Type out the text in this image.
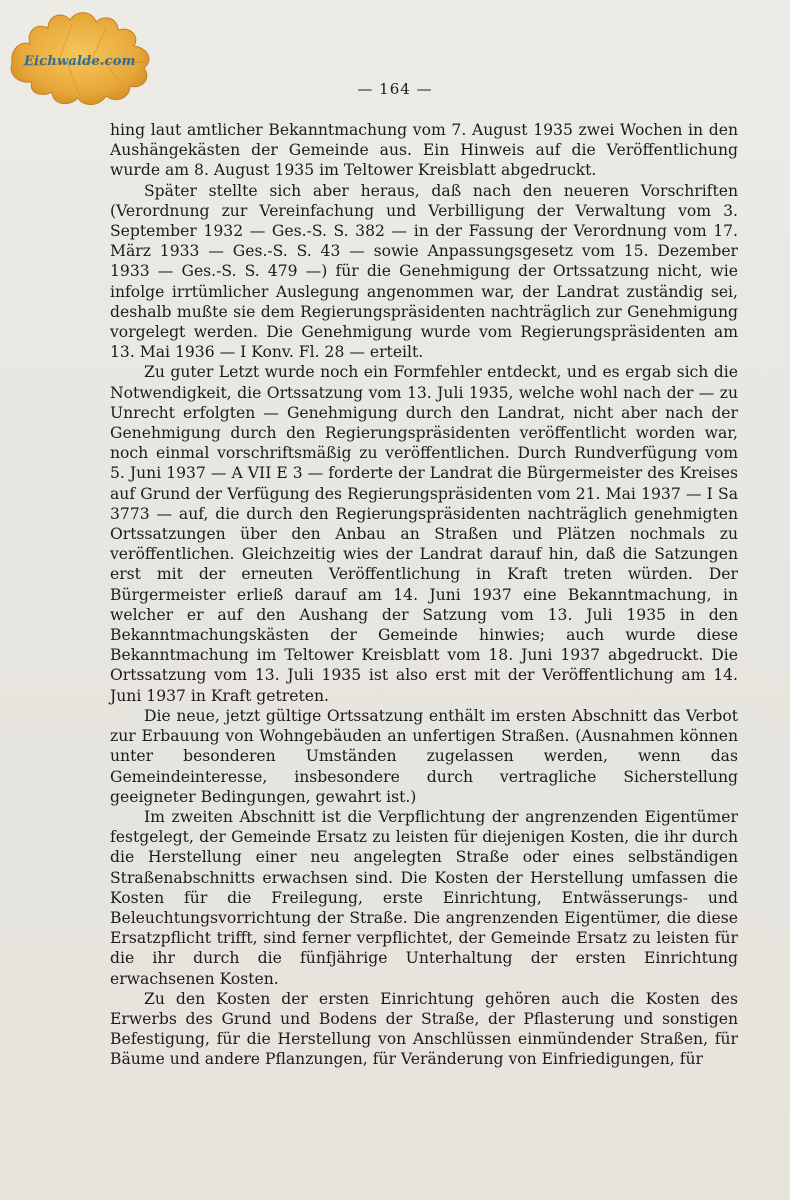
Eichwalde.com
— 164 —

hing laut amtlicher Bekanntmachung vom 7. August 1935 zwei Wochen in den Aushängekästen der Gemeinde aus. Ein Hinweis auf die Veröffentlichung wurde am 8. August 1935 im Teltower Kreisblatt abgedruckt.

Später stellte sich aber heraus, daß nach den neueren Vorschriften (Verordnung zur Vereinfachung und Verbilligung der Verwaltung vom 3. September 1932 — Ges.-S. S. 382 — in der Fassung der Verordnung vom 17. März 1933 — Ges.-S. S. 43 — sowie Anpassungsgesetz vom 15. Dezember 1933 — Ges.-S. S. 479 —) für die Genehmigung der Ortssatzung nicht, wie infolge irrtümlicher Auslegung angenommen war, der Landrat zuständig sei, deshalb mußte sie dem Regierungspräsidenten nachträglich zur Genehmigung vorgelegt werden. Die Genehmigung wurde vom Regierungspräsidenten am 13. Mai 1936 — I Konv. Fl. 28 — erteilt.

Zu guter Letzt wurde noch ein Formfehler entdeckt, und es ergab sich die Notwendigkeit, die Ortssatzung vom 13. Juli 1935, welche wohl nach der — zu Unrecht erfolgten — Genehmigung durch den Landrat, nicht aber nach der Genehmigung durch den Regierungspräsidenten veröffentlicht worden war, noch einmal vorschriftsmäßig zu veröffentlichen. Durch Rundverfügung vom 5. Juni 1937 — A VII E 3 — forderte der Landrat die Bürgermeister des Kreises auf Grund der Verfügung des Regierungspräsidenten vom 21. Mai 1937 — I Sa 3773 — auf, die durch den Regierungspräsidenten nachträglich genehmigten Ortssatzungen über den Anbau an Straßen und Plätzen nochmals zu veröffentlichen. Gleichzeitig wies der Landrat darauf hin, daß die Satzungen erst mit der erneuten Veröffentlichung in Kraft treten würden. Der Bürgermeister erließ darauf am 14. Juni 1937 eine Bekanntmachung, in welcher er auf den Aushang der Satzung vom 13. Juli 1935 in den Bekanntmachungskästen der Gemeinde hinwies; auch wurde diese Bekanntmachung im Teltower Kreisblatt vom 18. Juni 1937 abgedruckt. Die Ortssatzung vom 13. Juli 1935 ist also erst mit der Veröffentlichung am 14. Juni 1937 in Kraft getreten.

Die neue, jetzt gültige Ortssatzung enthält im ersten Abschnitt das Verbot zur Erbauung von Wohngebäuden an unfertigen Straßen. (Ausnahmen können unter besonderen Umständen zugelassen werden, wenn das Gemeindeinteresse, insbesondere durch vertragliche Sicherstellung geeigneter Bedingungen, gewahrt ist.)

Im zweiten Abschnitt ist die Verpflichtung der angrenzenden Eigentümer festgelegt, der Gemeinde Ersatz zu leisten für diejenigen Kosten, die ihr durch die Herstellung einer neu angelegten Straße oder eines selbständigen Straßenabschnitts erwachsen sind. Die Kosten der Herstellung umfassen die Kosten für die Freilegung, erste Einrichtung, Entwässerungs- und Beleuchtungsvorrichtung der Straße. Die angrenzenden Eigentümer, die diese Ersatzpflicht trifft, sind ferner verpflichtet, der Gemeinde Ersatz zu leisten für die ihr durch die fünfjährige Unterhaltung der ersten Einrichtung erwachsenen Kosten.

Zu den Kosten der ersten Einrichtung gehören auch die Kosten des Erwerbs des Grund und Bodens der Straße, der Pflasterung und sonstigen Befestigung, für die Herstellung von Anschlüssen einmündender Straßen, für Bäume und andere Pflanzungen, für Veränderung von Einfriedigungen, für
